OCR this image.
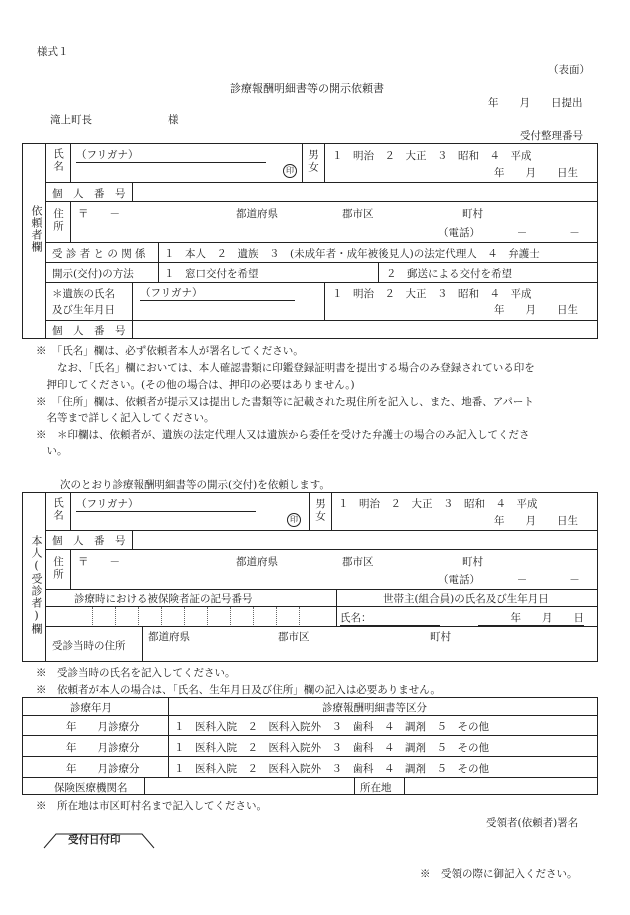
様式１
（表面）
診療報酬明細書等の開示依頼書
年　　月　　日提出
滝上町長	様
受付整理番号
依頼者欄
氏名 （フリガナ）
印 男女 １　明治　２　大正　３　昭和　４　平成
年　　月　　日生
個　人　番　号
住所 〒　　－	都道府県	郡市区	町村
（電話）　　　　－　　　　－
受 診 者 と の 関 係 １　本人　２　遺族　３　(未成年者・成年被後見人)の法定代理人　４　弁護士
開示(交付)の方法	１　窓口交付を希望	２　郵送による交付を希望
＊遺族の氏名
及び生年月日
（フリガナ）	１　明治　２　大正　３　昭和　４　平成
年　　月　　日生
個　人　番　号
※　「氏名」欄は、必ず依頼者本人が署名してください。
　　なお、「氏名」欄においては、本人確認書類に印鑑登録証明書を提出する場合のみ登録されている印を
　押印してください。(その他の場合は、押印の必要はありません。)
※　「住所」欄は、依頼者が提示又は提出した書類等に記載された現住所を記入し、また、地番、アパート
　名等まで詳しく記入してください。
※　＊印欄は、依頼者が、遺族の法定代理人又は遺族から委任を受けた弁護士の場合のみ記入してくださ
　い。
次のとおり診療報酬明細書等の開示(交付)を依頼します。
本人(受診者)欄
氏名 （フリガナ）
印 男女 １　明治　２　大正　３　昭和　４　平成
年　　月　　日生
個　人　番　号
住所 〒　　－	都道府県	郡市区	町村
（電話）　　　　－　　　　－
診療時における被保険者証の記号番号	世帯主(組合員)の氏名及び生年月日
氏名：	年　　月　　日
受診当時の住所
都道府県	郡市区	町村
※　受診当時の氏名を記入してください。
※　依頼者が本人の場合は、「氏名、生年月日及び住所」欄の記入は必要ありません。
診療年月	診療報酬明細書等区分
年　　月診療分	１　医科入院　２　医科入院外　３　歯科　４　調剤　５　その他
年　　月診療分	１　医科入院　２　医科入院外　３　歯科　４　調剤　５　その他
年　　月診療分	１　医科入院　２　医科入院外　３　歯科　４　調剤　５　その他
保険医療機関名	所在地
※　所在地は市区町村名まで記入してください。
受領者(依頼者)署名
受付日付印
※　受領の際に御記入ください。
